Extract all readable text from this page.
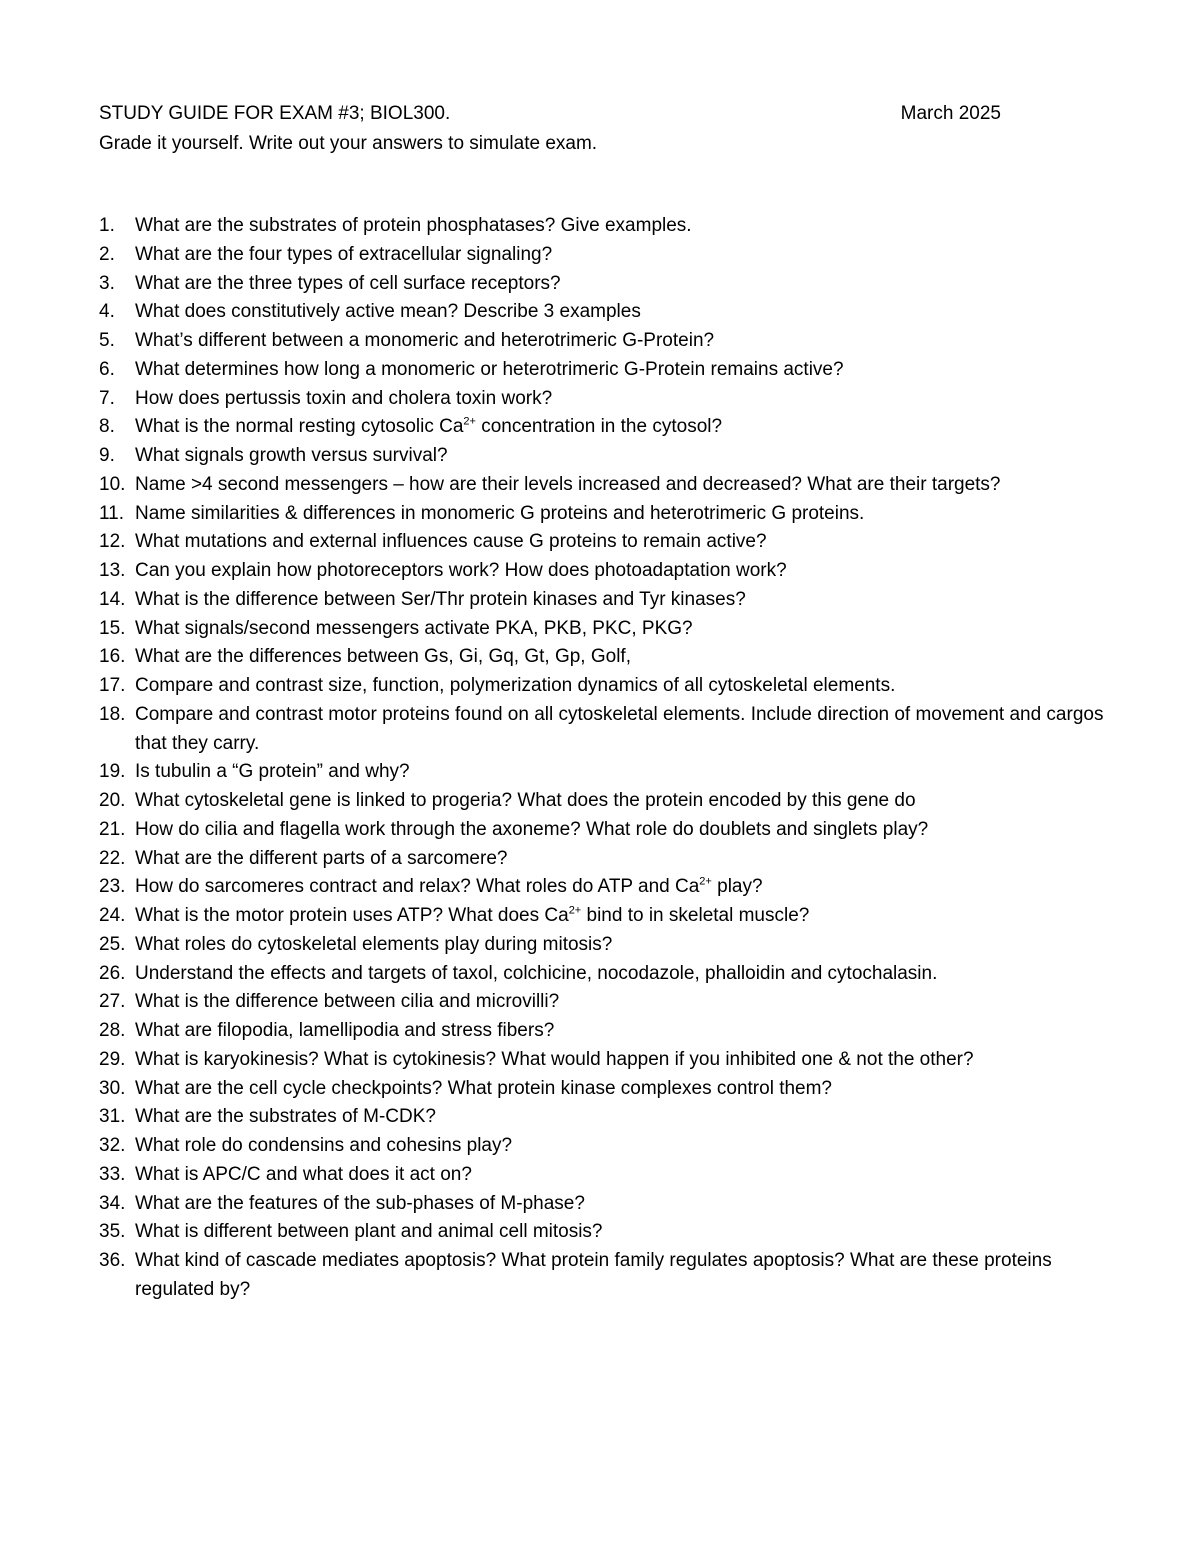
STUDY GUIDE FOR EXAM #3; BIOL300.	March 2025
Grade it yourself. Write out your answers to simulate exam.
1.	What are the substrates of protein phosphatases? Give examples.
2.	What are the four types of extracellular signaling?
3.	What are the three types of cell surface receptors?
4.	What does constitutively active mean? Describe 3 examples
5.	What’s different between a monomeric and heterotrimeric G-Protein?
6.	What determines how long a monomeric or heterotrimeric G-Protein remains active?
7.	How does pertussis toxin and cholera toxin work?
8.	What is the normal resting cytosolic $Ca^{2+}$ concentration in the cytosol?
9.	What signals growth versus survival?
10. Name >4 second messengers – how are their levels increased and decreased? What are their targets?
11. Name similarities & differences in monomeric G proteins and heterotrimeric G proteins.
12. What mutations and external influences cause G proteins to remain active?
13. Can you explain how photoreceptors work? How does photoadaptation work?
14. What is the difference between Ser/Thr protein kinases and Tyr kinases?
15. What signals/second messengers activate PKA, PKB, PKC, PKG?
16. What are the differences between Gs, Gi, Gq, Gt, Gp, Golf,
17. Compare and contrast size, function, polymerization dynamics of all cytoskeletal elements.
18. Compare and contrast motor proteins found on all cytoskeletal elements. Include direction of movement and cargos that they carry.
19. Is tubulin a “G protein” and why?
20. What cytoskeletal gene is linked to progeria? What does the protein encoded by this gene do
21. How do cilia and flagella work through the axoneme? What role do doublets and singlets play?
22. What are the different parts of a sarcomere?
23. How do sarcomeres contract and relax? What roles do ATP and $Ca^{2+}$ play?
24. What is the motor protein uses ATP? What does $Ca^{2+}$ bind to in skeletal muscle?
25. What roles do cytoskeletal elements play during mitosis?
26. Understand the effects and targets of taxol, colchicine, nocodazole, phalloidin and cytochalasin.
27. What is the difference between cilia and microvilli?
28. What are filopodia, lamellipodia and stress fibers?
29. What is karyokinesis? What is cytokinesis? What would happen if you inhibited one & not the other?
30. What are the cell cycle checkpoints? What protein kinase complexes control them?
31. What are the substrates of M-CDK?
32. What role do condensins and cohesins play?
33. What is APC/C and what does it act on?
34. What are the features of the sub-phases of M-phase?
35. What is different between plant and animal cell mitosis?
36. What kind of cascade mediates apoptosis? What protein family regulates apoptosis? What are these proteins regulated by?
